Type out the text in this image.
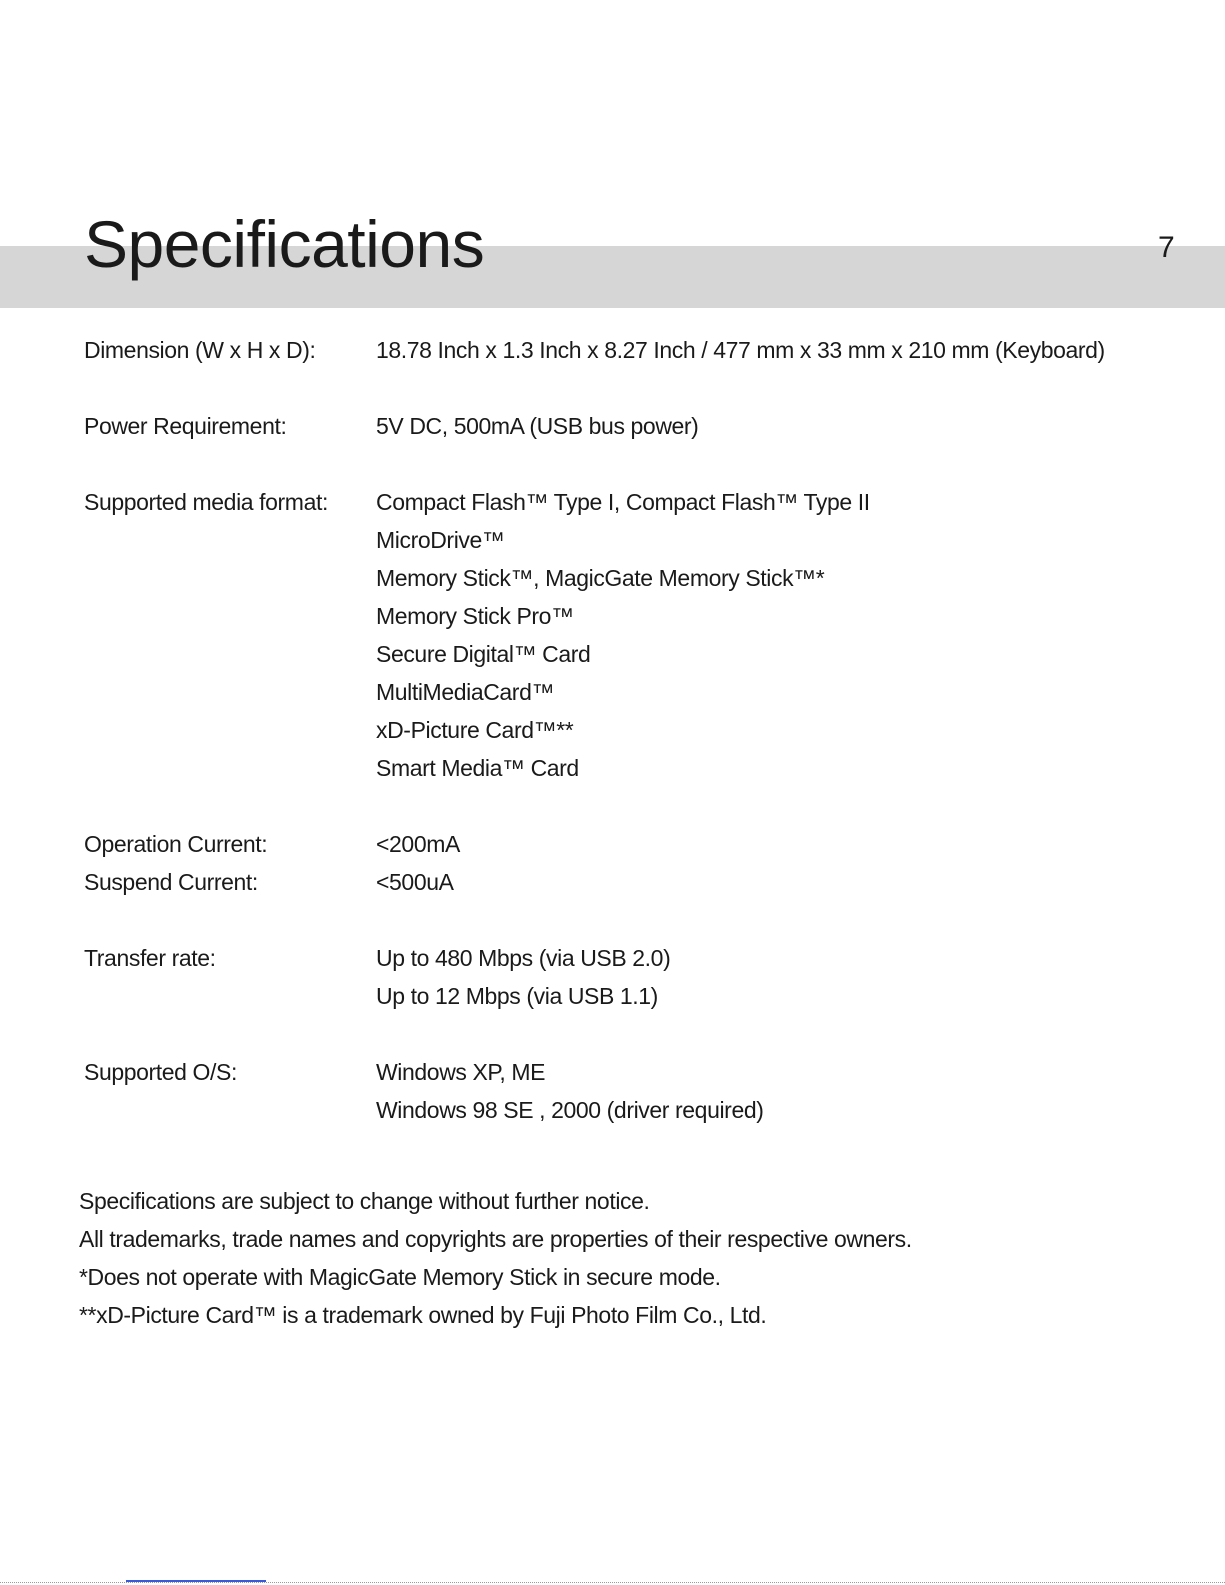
Specifications	7
Dimension (W x H x D):	18.78 Inch x 1.3 Inch x 8.27 Inch / 477 mm x 33 mm x 210 mm (Keyboard)
Power Requirement:	5V DC, 500mA (USB bus power)
Supported media format:	Compact Flash™ Type I, Compact Flash™ Type II
MicroDrive™
Memory Stick™, MagicGate Memory Stick™*
Memory Stick Pro™
Secure Digital™ Card
MultiMediaCard™
xD-Picture Card™**
Smart Media™ Card
Operation Current:	<200mA
Suspend Current:	<500uA
Transfer rate:	Up to 480 Mbps (via USB 2.0)
Up to 12 Mbps (via USB 1.1)
Supported O/S:	Windows XP, ME
Windows 98 SE , 2000 (driver required)
Specifications are subject to change without further notice.
All trademarks, trade names and copyrights are properties of their respective owners.
*Does not operate with MagicGate Memory Stick in secure mode.
**xD-Picture Card™ is a trademark owned by Fuji Photo Film Co., Ltd.
